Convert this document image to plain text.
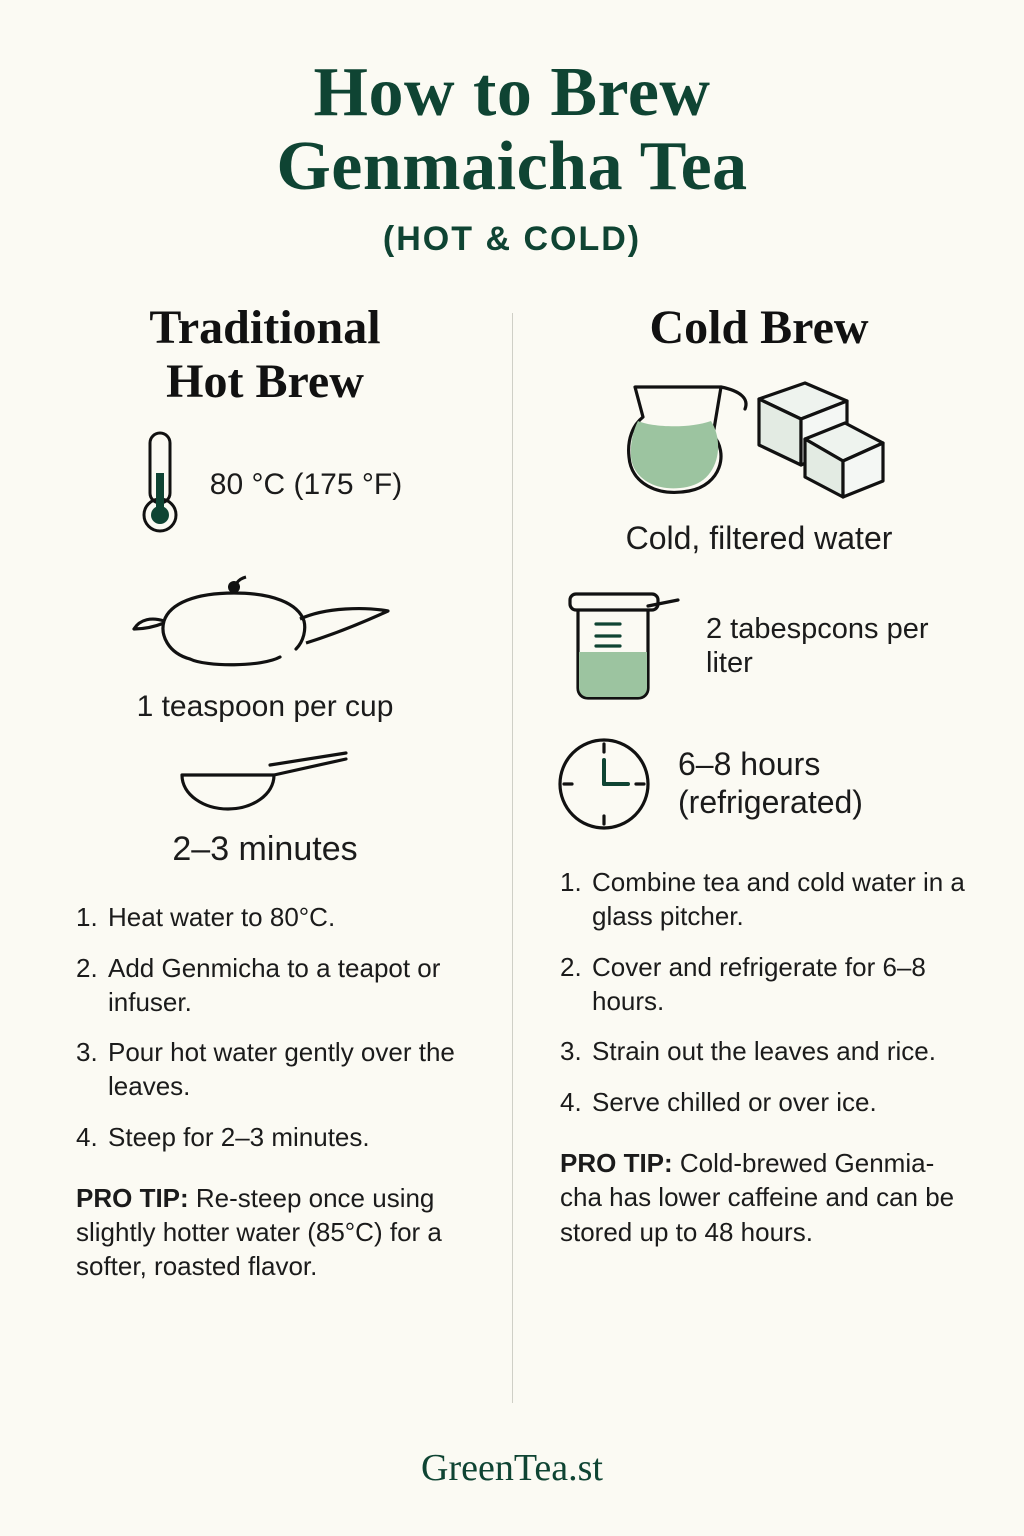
How to Brew
Genmaicha Tea
(HOT & COLD)
Traditional
Hot Brew
80 °C (175 °F)
1 teaspoon per cup
2–3 minutes
1. Heat water to 80°C.
2. Add Genmicha to a teapot or infuser.
3. Pour hot water gently over the leaves.
4. Steep for 2–3 minutes.
PRO TIP: Re-steep once using slightly hotter water (85°C) for a softer, roasted flavor.
Cold Brew
Cold, filtered water
2 tabespcons per liter
6–8 hours (refrigerated)
1. Combine tea and cold water in a glass pitcher.
2. Cover and refrigerate for 6–8 hours.
3. Strain out the leaves and rice.
4. Serve chilled or over ice.
PRO TIP: Cold-brewed Genmia-cha has lower caffeine and can be stored up to 48 hours.
GreenTea.st
